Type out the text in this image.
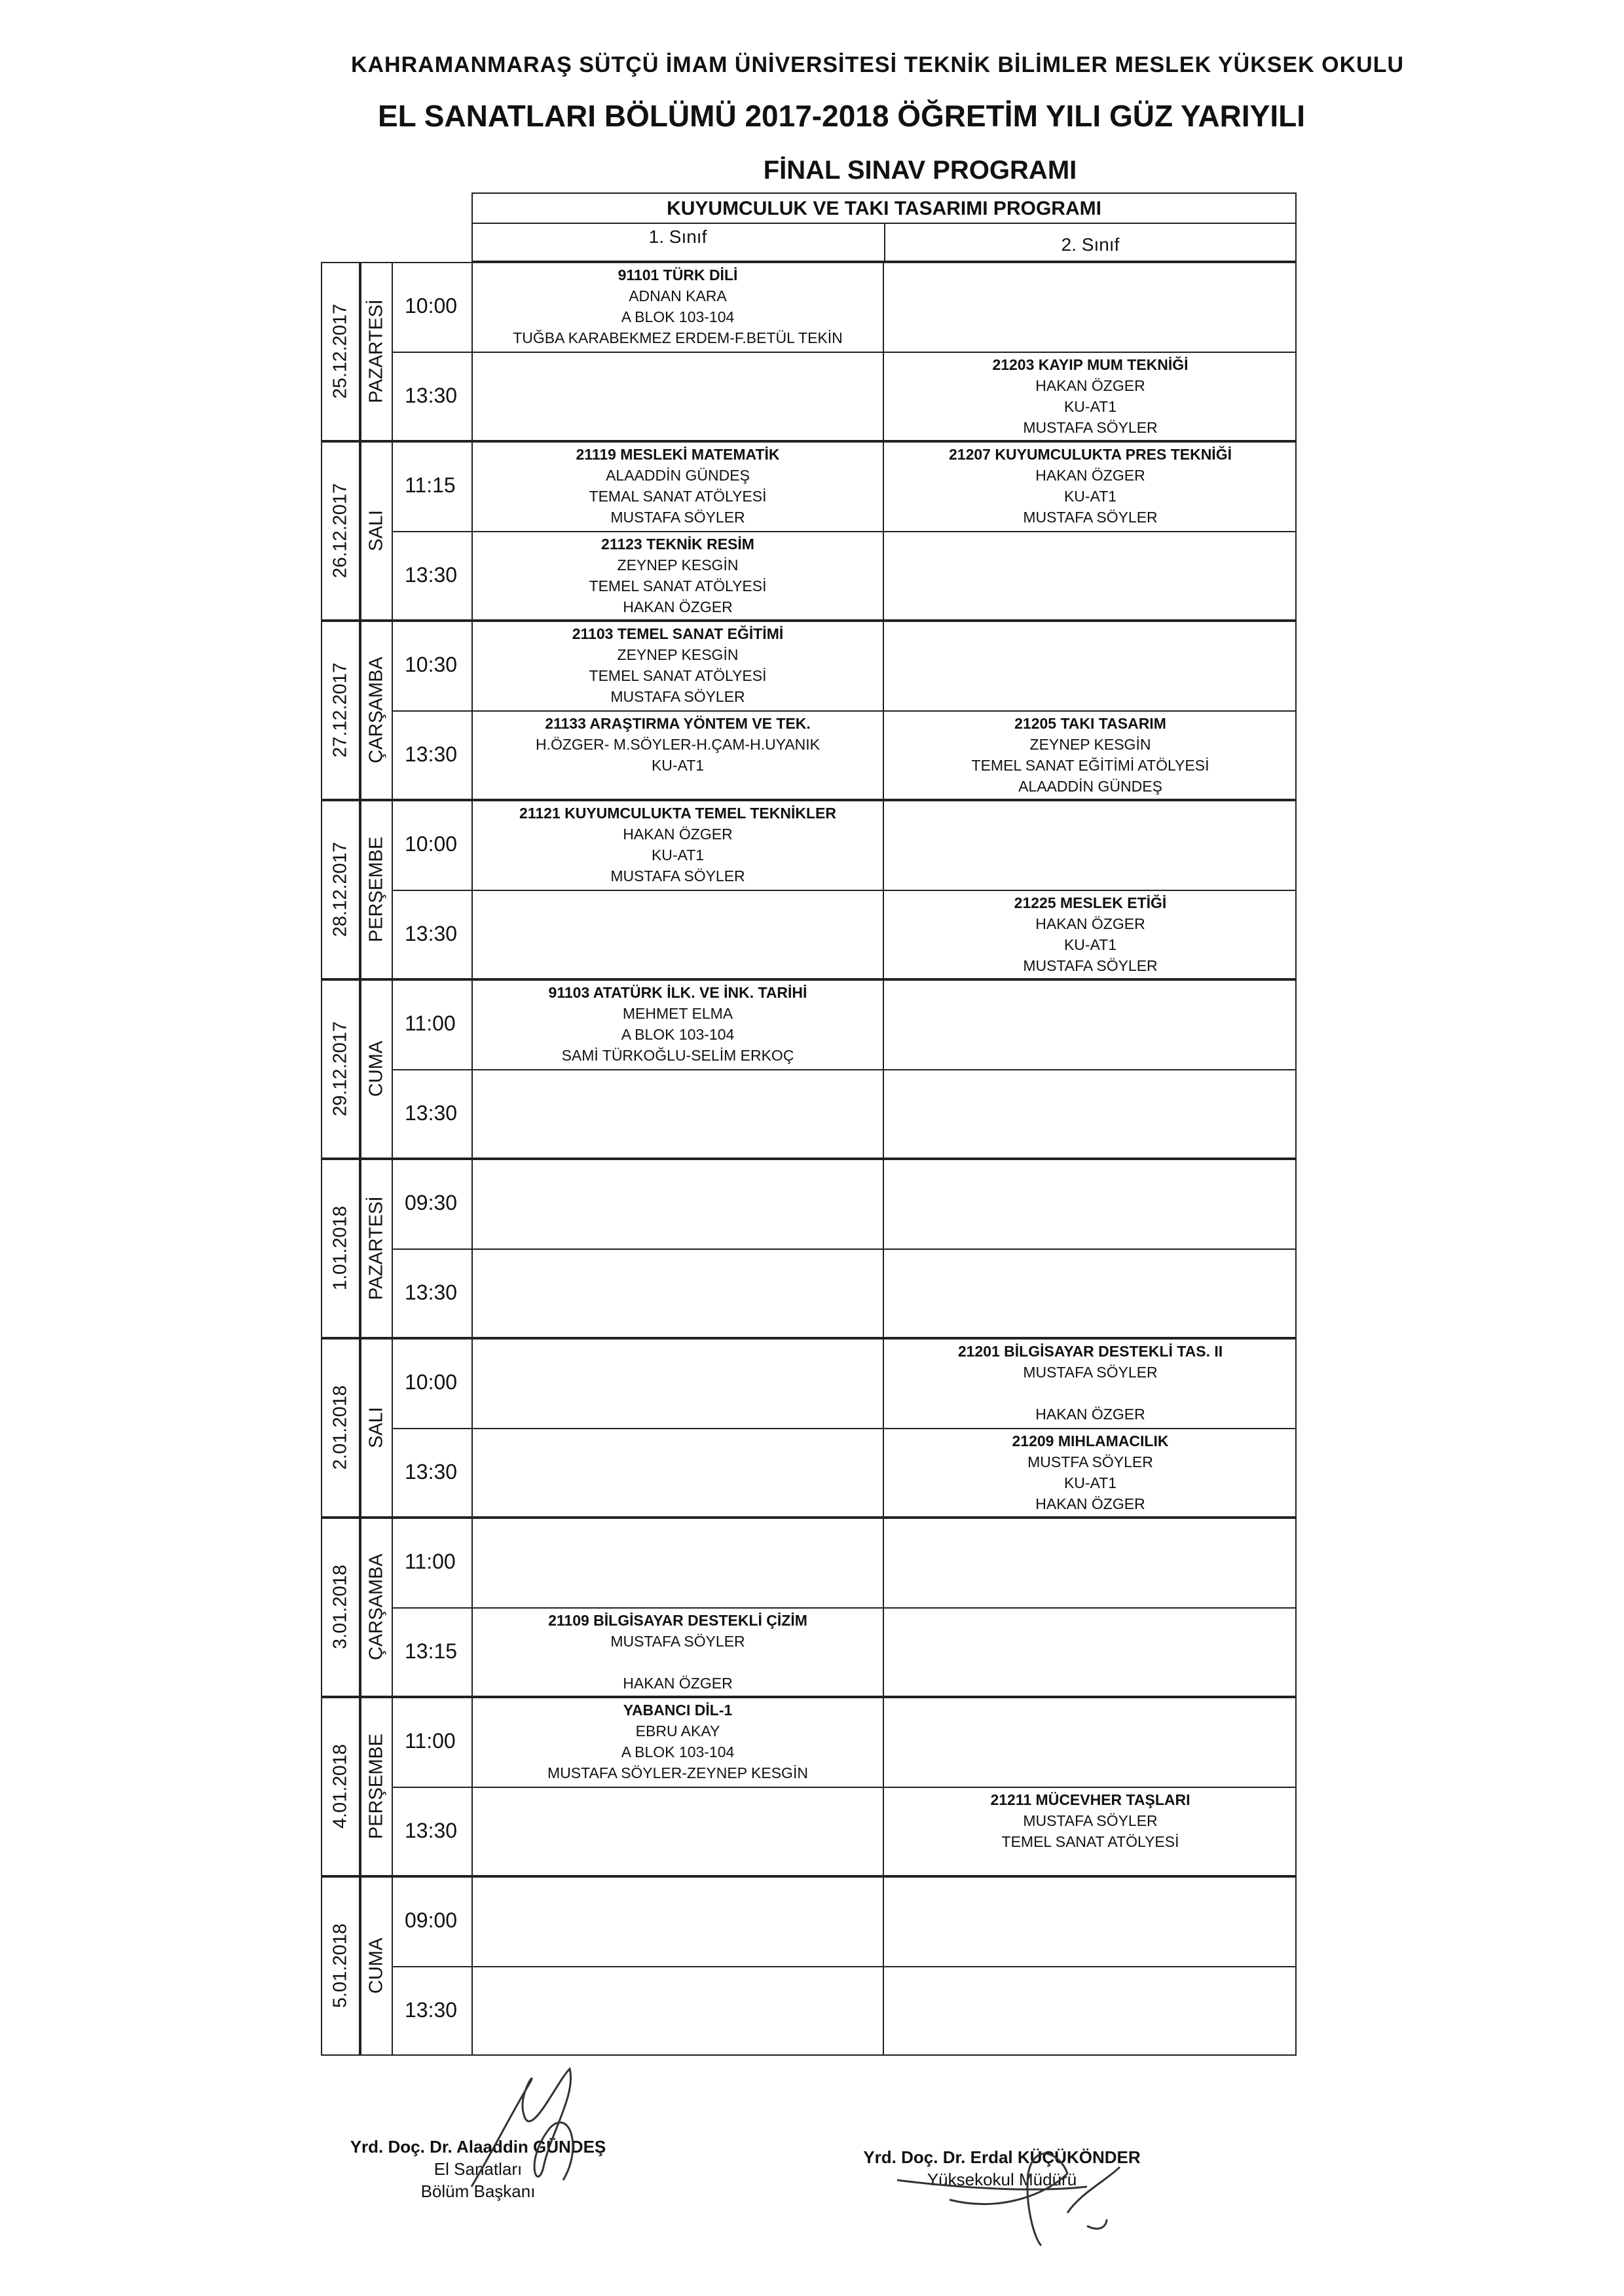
KAHRAMANMARAŞ SÜTÇÜ İMAM ÜNİVERSİTESİ TEKNİK BİLİMLER MESLEK YÜKSEK OKULU
EL SANATLARI BÖLÜMÜ 2017-2018 ÖĞRETİM YILI GÜZ YARIYILI
FİNAL SINAV PROGRAMI
KUYUMCULUK VE TAKI TASARIMI PROGRAMI
1. Sınıf	2. Sınıf
25.12.2017 PAZARTESİ 10:00
91101 TÜRK DİLİ
ADNAN KARA
A BLOK 103-104
TUĞBA KARABEKMEZ ERDEM-F.BETÜL TEKİN
13:30
21203 KAYIP MUM TEKNİĞİ
HAKAN ÖZGER
KU-AT1
MUSTAFA SÖYLER
26.12.2017 SALI
11:15
21119 MESLEKİ MATEMATİK
ALAADDİN GÜNDEŞ
TEMAL SANAT ATÖLYESİ
MUSTAFA SÖYLER
21207 KUYUMCULUKTA PRES TEKNİĞİ
HAKAN ÖZGER
KU-AT1
MUSTAFA SÖYLER
13:30
21123 TEKNİK RESİM
ZEYNEP KESGİN
TEMEL SANAT ATÖLYESİ
HAKAN ÖZGER
27.12.2017 ÇARŞAMBA 10:30
21103 TEMEL SANAT EĞİTİMİ
ZEYNEP KESGİN
TEMEL SANAT ATÖLYESİ
MUSTAFA SÖYLER
13:30
21133 ARAŞTIRMA YÖNTEM VE TEK.
H.ÖZGER- M.SÖYLER-H.ÇAM-H.UYANIK
KU-AT1
21205 TAKI TASARIM
ZEYNEP KESGİN
TEMEL SANAT EĞİTİMİ ATÖLYESİ
ALAADDİN GÜNDEŞ
28.12.2017 PERŞEMBE 10:00
21121 KUYUMCULUKTA TEMEL TEKNİKLER
HAKAN ÖZGER
KU-AT1
MUSTAFA SÖYLER
13:30
21225 MESLEK ETİĞİ
HAKAN ÖZGER
KU-AT1
MUSTAFA SÖYLER
29.12.2017 CUMA
11:00
91103 ATATÜRK İLK. VE İNK. TARİHİ
MEHMET ELMA
A BLOK 103-104
SAMİ TÜRKOĞLU-SELİM ERKOÇ
13:30
1.01.2018 PAZARTESİ 09:30
13:30
2.01.2018 SALI
10:00
21201 BİLGİSAYAR DESTEKLİ TAS. II
MUSTAFA SÖYLER

HAKAN ÖZGER
13:30
21209 MIHLAMACILIK
MUSTFA SÖYLER
KU-AT1
HAKAN ÖZGER
3.01.2018 ÇARŞAMBA 11:00
13:15
21109 BİLGİSAYAR DESTEKLİ ÇİZİM
MUSTAFA SÖYLER

HAKAN ÖZGER
4.01.2018 PERŞEMBE 11:00
YABANCI DİL-1
EBRU AKAY
A BLOK 103-104
MUSTAFA SÖYLER-ZEYNEP KESGİN
13:30
21211 MÜCEVHER TAŞLARI
MUSTAFA SÖYLER
TEMEL SANAT ATÖLYESİ
5.01.2018 CUMA
09:00
13:30
Yrd. Doç. Dr. Alaaddin GÜNDEŞ
El Sanatları
Bölüm Başkanı
Yrd. Doç. Dr. Erdal KÜÇÜKÖNDER
Yüksekokul Müdürü
